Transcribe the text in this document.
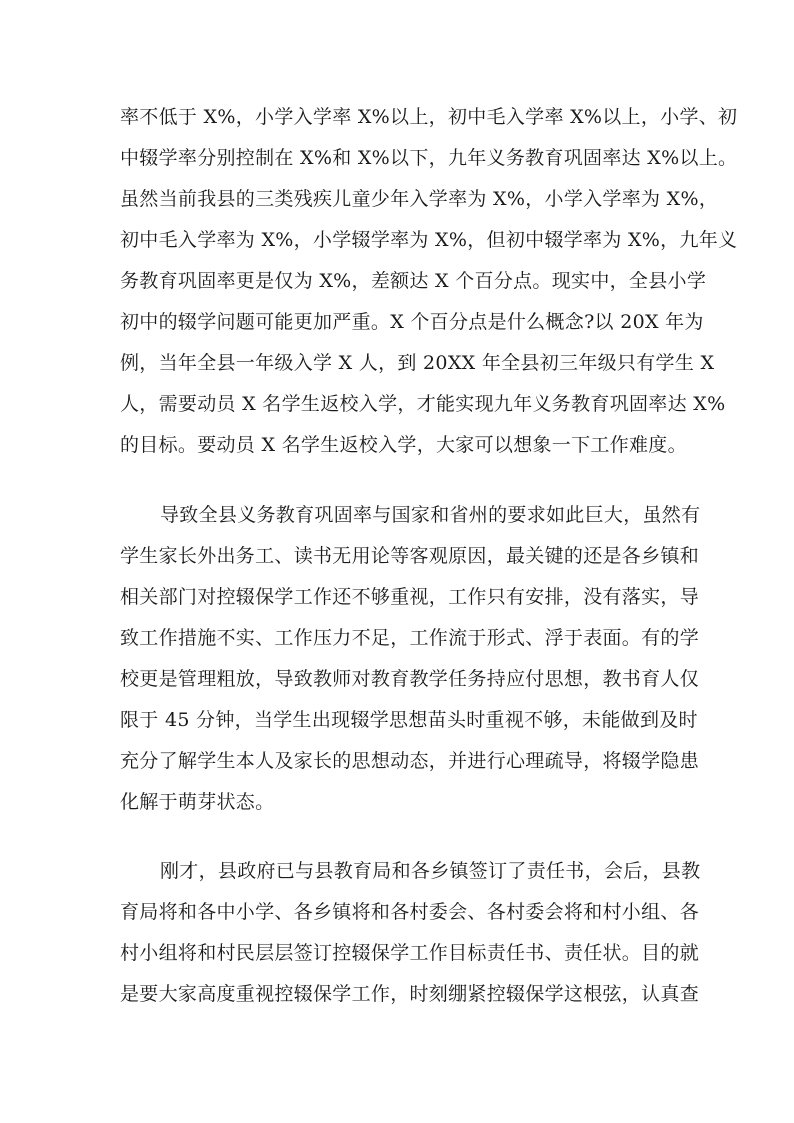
率不低于 X%，小学入学率 X%以上，初中毛入学率 X%以上，小学、初
中辍学率分别控制在 X%和 X%以下，九年义务教育巩固率达 X%以上。
虽然当前我县的三类残疾儿童少年入学率为 X%，小学入学率为 X%，
初中毛入学率为 X%，小学辍学率为 X%，但初中辍学率为 X%，九年义
务教育巩固率更是仅为 X%，差额达 X 个百分点。现实中，全县小学
初中的辍学问题可能更加严重。X 个百分点是什么概念?以 20X 年为
例，当年全县一年级入学 X 人，到 20XX 年全县初三年级只有学生 X
人，需要动员 X 名学生返校入学，才能实现九年义务教育巩固率达 X%
的目标。要动员 X 名学生返校入学，大家可以想象一下工作难度。
导致全县义务教育巩固率与国家和省州的要求如此巨大，虽然有
学生家长外出务工、读书无用论等客观原因，最关键的还是各乡镇和
相关部门对控辍保学工作还不够重视，工作只有安排，没有落实，导
致工作措施不实、工作压力不足，工作流于形式、浮于表面。有的学
校更是管理粗放，导致教师对教育教学任务持应付思想，教书育人仅
限于 45 分钟，当学生出现辍学思想苗头时重视不够，未能做到及时
充分了解学生本人及家长的思想动态，并进行心理疏导，将辍学隐患
化解于萌芽状态。
刚才，县政府已与县教育局和各乡镇签订了责任书，会后，县教
育局将和各中小学、各乡镇将和各村委会、各村委会将和村小组、各
村小组将和村民层层签订控辍保学工作目标责任书、责任状。目的就
是要大家高度重视控辍保学工作，时刻绷紧控辍保学这根弦，认真查
